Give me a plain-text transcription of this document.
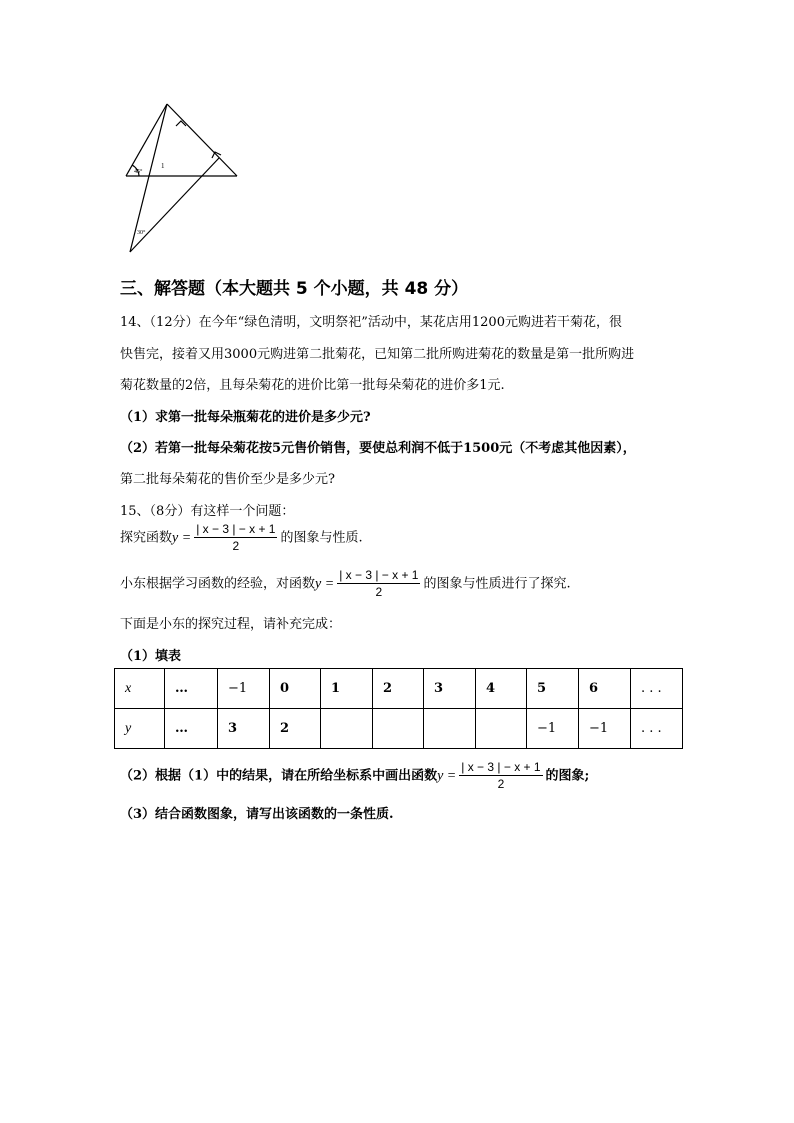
45°
1
30°
三、解答题（本大题共 5 个小题，共 48 分）
14、（12分）在今年“绿色清明，文明祭祀”活动中，某花店用1200元购进若干菊花，很
快售完，接着又用3000元购进第二批菊花，已知第二批所购进菊花的数量是第一批所购进
菊花数量的2倍，且每朵菊花的进价比第一批每朵菊花的进价多1元.
（1）求第一批每朵瓶菊花的进价是多少元?
（2）若第一批每朵菊花按5元售价销售，要使总利润不低于1500元（不考虑其他因素），
第二批每朵菊花的售价至少是多少元?
15、（8分）有这样一个问题：
探究函数$y = \frac{| x - 3 | - x + 1}{2}$ 的图象与性质.
小东根据学习函数的经验，对函数$y = \frac{| x - 3 | - x + 1}{2}$ 的图象与性质进行了探究.
下面是小东的探究过程，请补充完成：
（1）填表
x	…	−1	0	1	2	3	4	5	6	. . .
y	…	3	2					−1	−1	. . .
（2）根据（1）中的结果，请在所给坐标系中画出函数$y = \frac{| x - 3 | - x + 1}{2}$ 的图象;
（3）结合函数图象，请写出该函数的一条性质.
